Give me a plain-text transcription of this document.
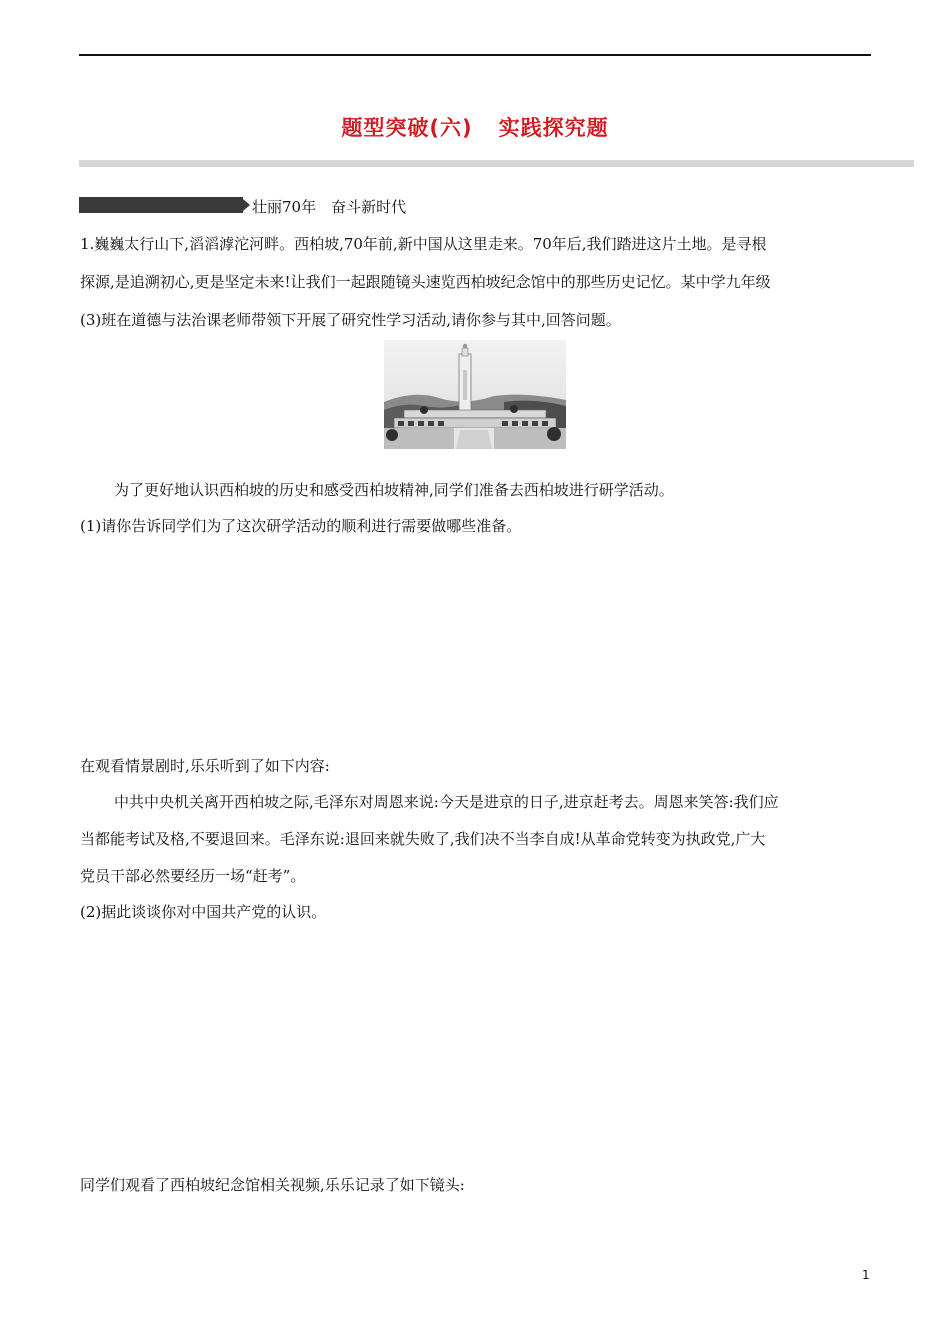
题型突破(六) 实践探究题
壮丽70年　奋斗新时代
1.巍巍太行山下,滔滔滹沱河畔。西柏坡,70年前,新中国从这里走来。70年后,我们踏进这片土地。是寻根
探源,是追溯初心,更是坚定未来!让我们一起跟随镜头速览西柏坡纪念馆中的那些历史记忆。某中学九年级
(3)班在道德与法治课老师带领下开展了研究性学习活动,请你参与其中,回答问题。
为了更好地认识西柏坡的历史和感受西柏坡精神,同学们准备去西柏坡进行研学活动。
(1)请你告诉同学们为了这次研学活动的顺利进行需要做哪些准备。
在观看情景剧时,乐乐听到了如下内容:
中共中央机关离开西柏坡之际,毛泽东对周恩来说:今天是进京的日子,进京赶考去。周恩来笑答:我们应
当都能考试及格,不要退回来。毛泽东说:退回来就失败了,我们决不当李自成!从革命党转变为执政党,广大
党员干部必然要经历一场“赶考”。
(2)据此谈谈你对中国共产党的认识。
同学们观看了西柏坡纪念馆相关视频,乐乐记录了如下镜头:
1
